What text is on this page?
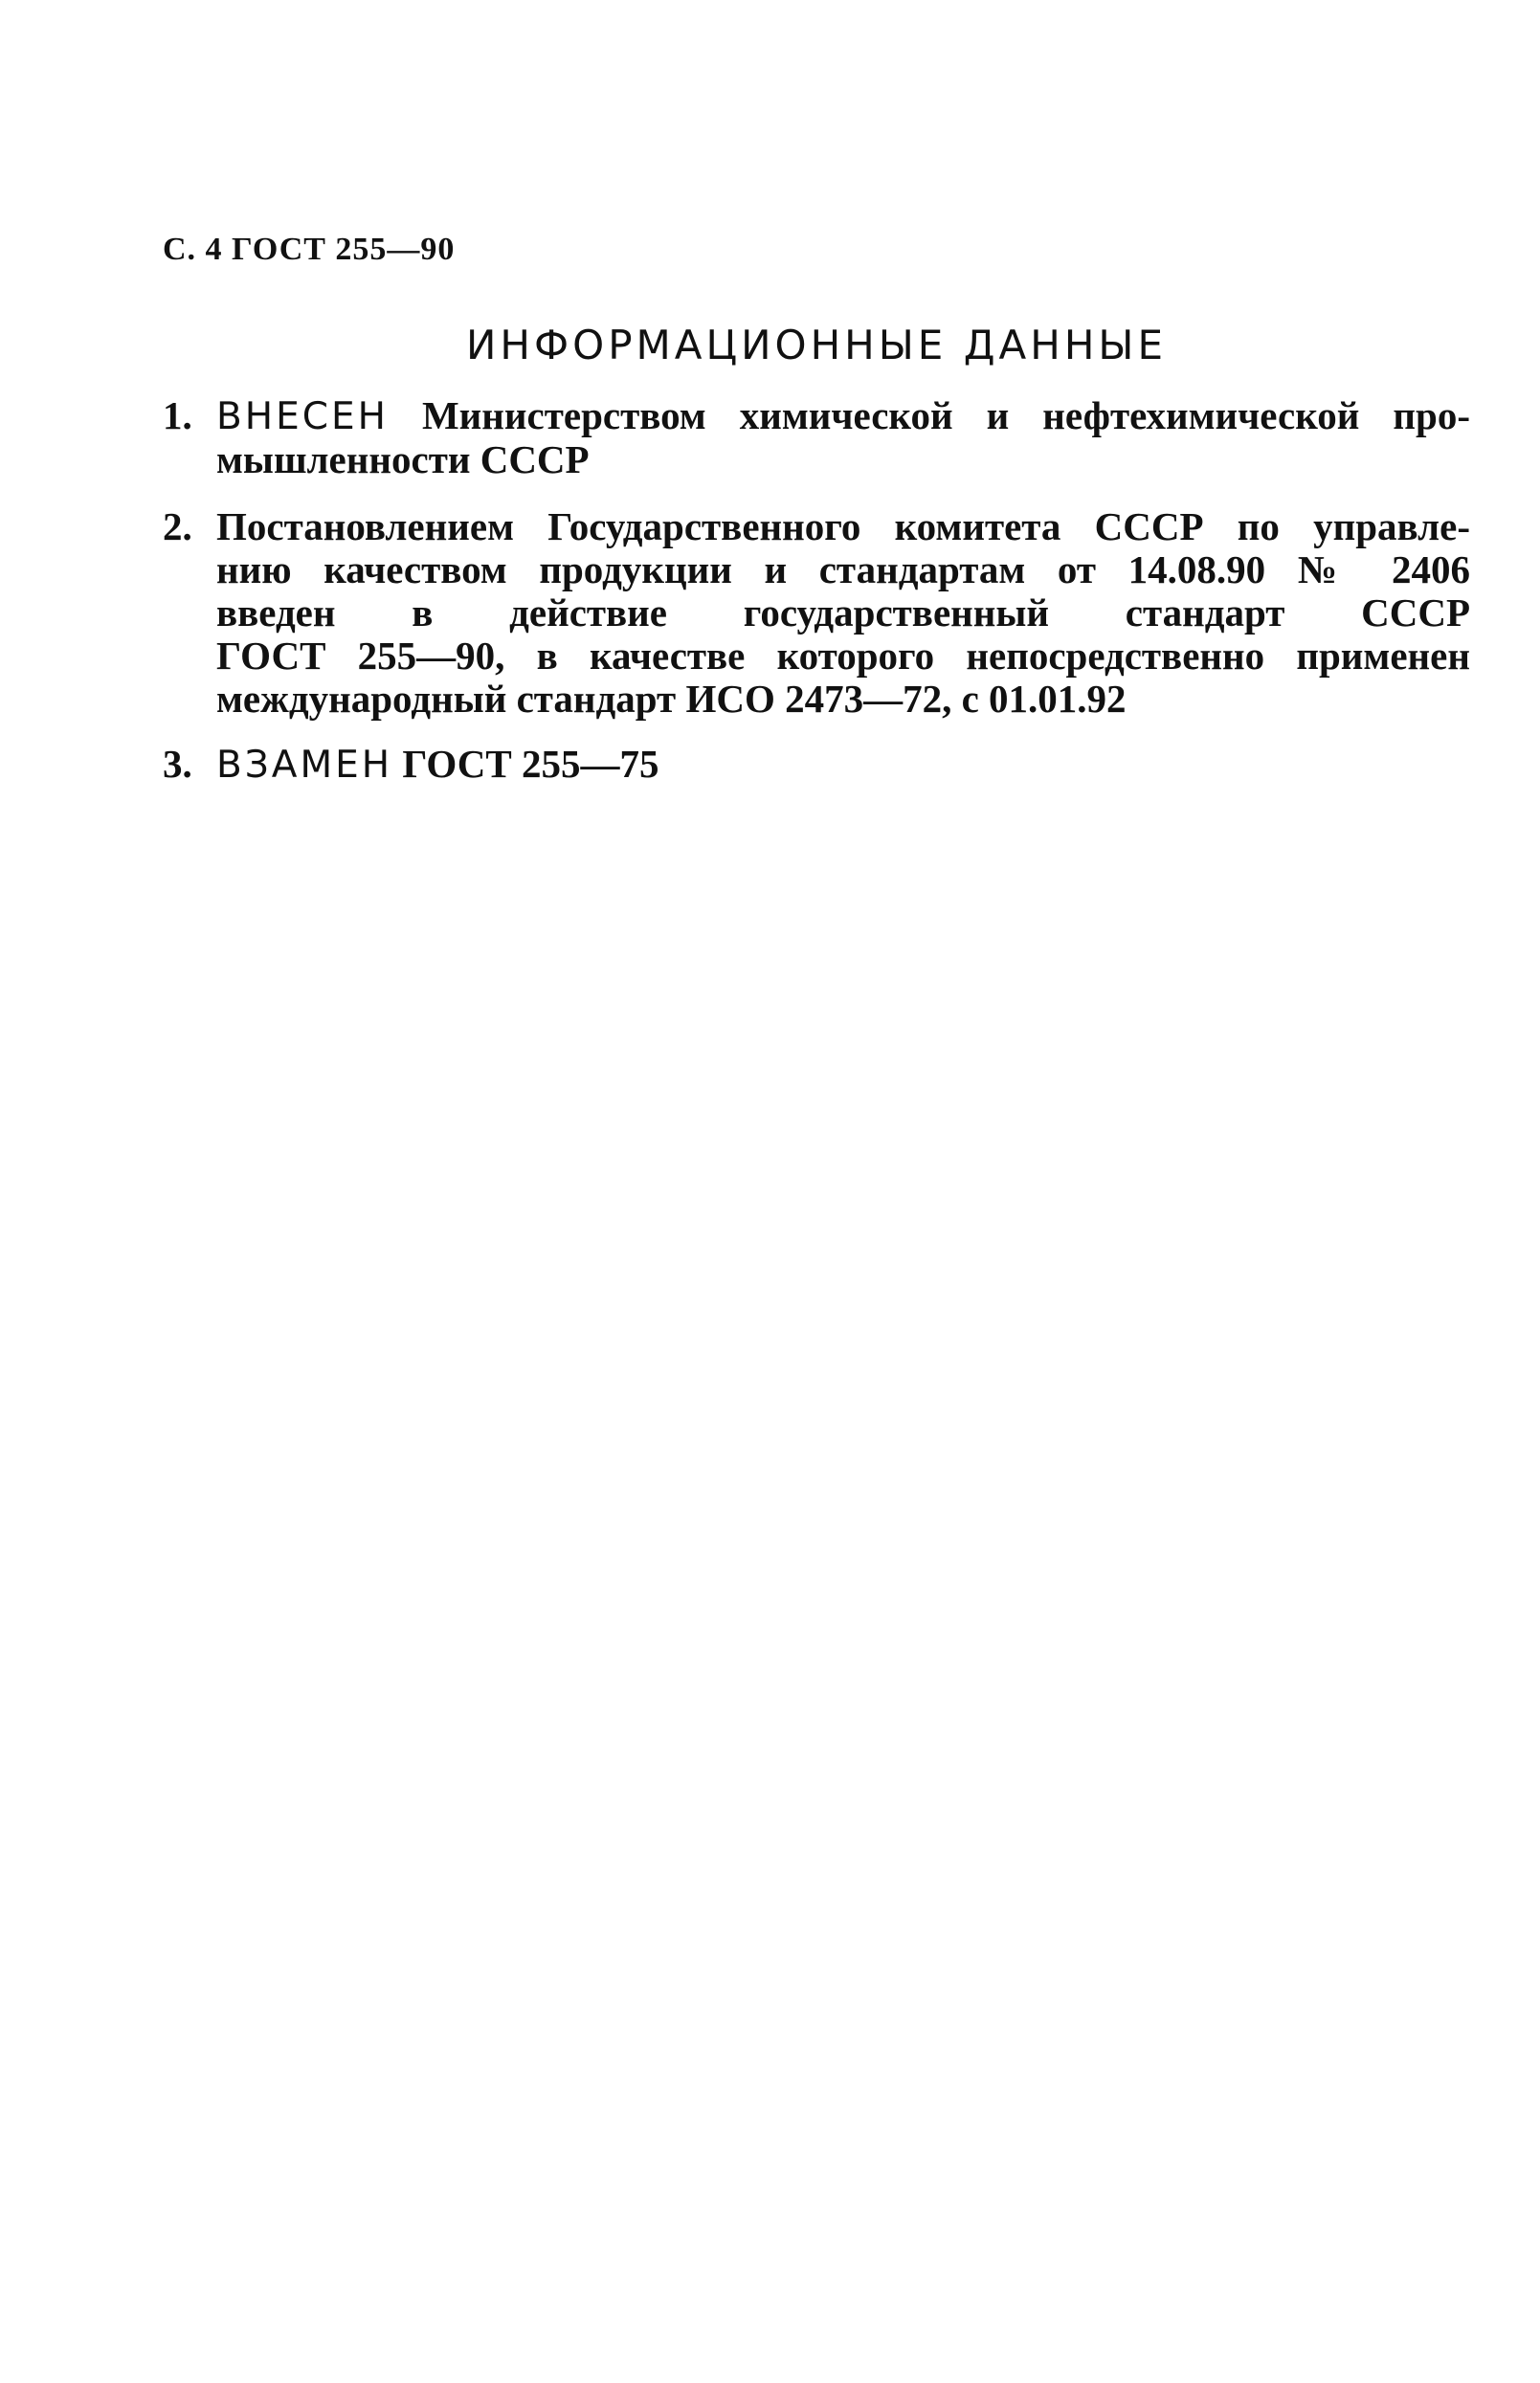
С. 4 ГОСТ 255—90
ИНФОРМАЦИОННЫЕ ДАННЫЕ
1. ВНЕСЕН Министерством химической и нефтехимической про-
мышленности СССР
2. Постановлением Государственного комитета СССР по управле-
нию качеством продукции и стандартам от 14.08.90 № 2406
введен в действие государственный стандарт СССР
ГОСТ 255—90, в качестве которого непосредственно применен
международный стандарт ИСО 2473—72, с 01.01.92
3. ВЗАМЕН ГОСТ 255—75
